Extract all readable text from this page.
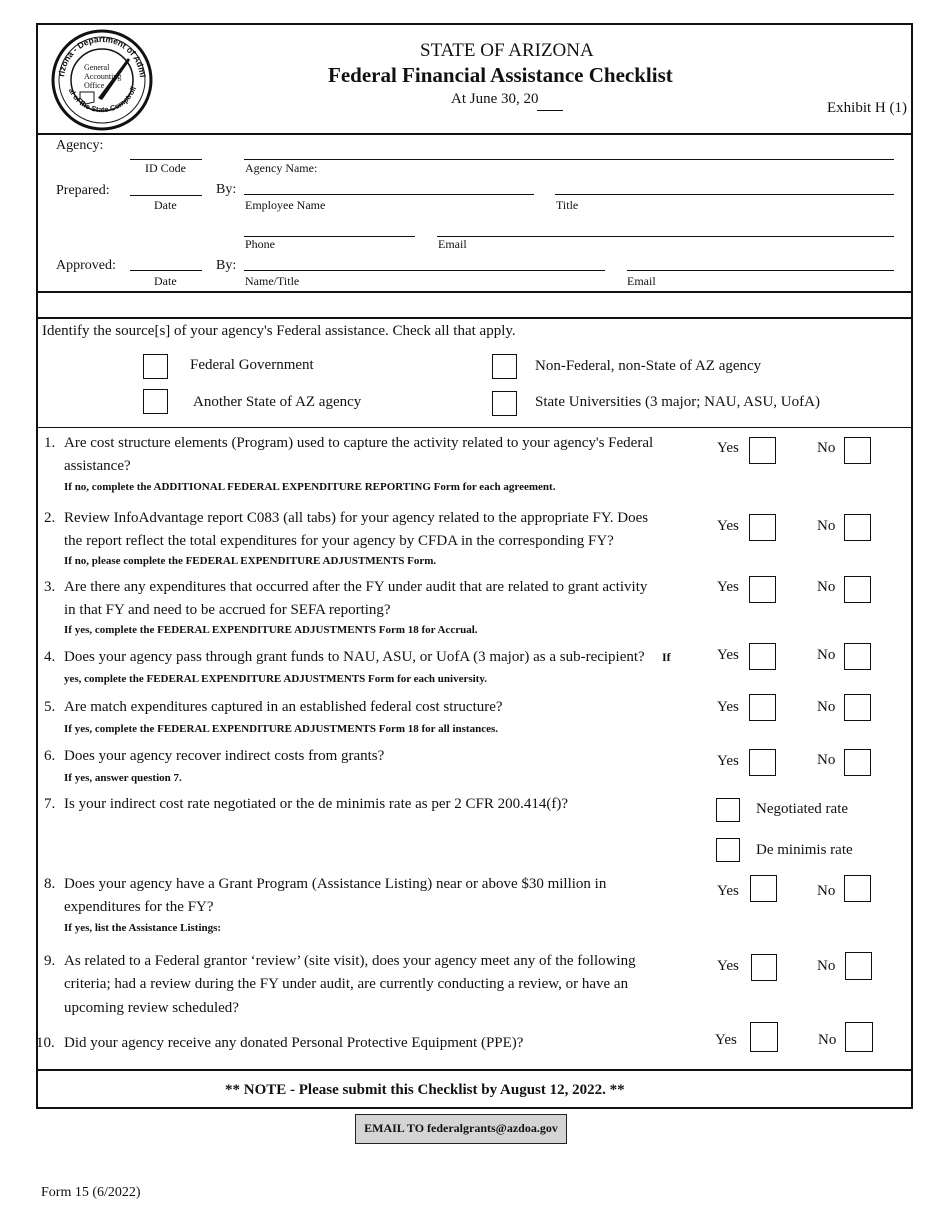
rizona - Department of Admi
al of the State Comptroll
General
Accounting
Office
STATE OF ARIZONA
Federal Financial Assistance Checklist
At June 30, 20
Exhibit H (1)
Agency:
ID Code	Agency Name:
Prepared:	By:
Date	Employee Name	Title
Phone	Email
Approved:	By:
Date	Name/Title	Email
Identify the source[s] of your agency's Federal assistance. Check all that apply.
Federal Government	Non-Federal, non-State of AZ agency
Another State of AZ agency	State Universities (3 major; NAU, ASU, UofA)
1. Are cost structure elements (Program) used to capture the activity related to your agency's Federal
assistance?
If no, complete the ADDITIONAL FEDERAL EXPENDITURE REPORTING Form for each agreement.
Yes	No
2. Review InfoAdvantage report C083 (all tabs) for your agency related to the appropriate FY. Does
the report reflect the total expenditures for your agency by CFDA in the corresponding FY?
If no, please complete the FEDERAL EXPENDITURE ADJUSTMENTS Form.
Yes	No
3. Are there any expenditures that occurred after the FY under audit that are related to grant activity
in that FY and need to be accrued for SEFA reporting?
If yes, complete the FEDERAL EXPENDITURE ADJUSTMENTS Form 18 for Accrual.
Yes	No
4. Does your agency pass through grant funds to NAU, ASU, or UofA (3 major) as a sub-recipient? If
yes, complete the FEDERAL EXPENDITURE ADJUSTMENTS Form for each university.
Yes	No
5. Are match expenditures captured in an established federal cost structure?
If yes, complete the FEDERAL EXPENDITURE ADJUSTMENTS Form 18 for all instances.
Yes	No
6. Does your agency recover indirect costs from grants?
If yes, answer question 7.
Yes	No
7. Is your indirect cost rate negotiated or the de minimis rate as per 2 CFR 200.414(f)?	Negotiated rate
De minimis rate
8. Does your agency have a Grant Program (Assistance Listing) near or above $30 million in
expenditures for the FY?
If yes, list the Assistance Listings:
Yes	No
9. As related to a Federal grantor ‘review’ (site visit), does your agency meet any of the following
criteria; had a review during the FY under audit, are currently conducting a review, or have an
upcoming review scheduled?
Yes	No
10. Did your agency receive any donated Personal Protective Equipment (PPE)?	Yes	No
** NOTE - Please submit this Checklist by August 12, 2022. **
EMAIL TO federalgrants@azdoa.gov
Form 15 (6/2022)
